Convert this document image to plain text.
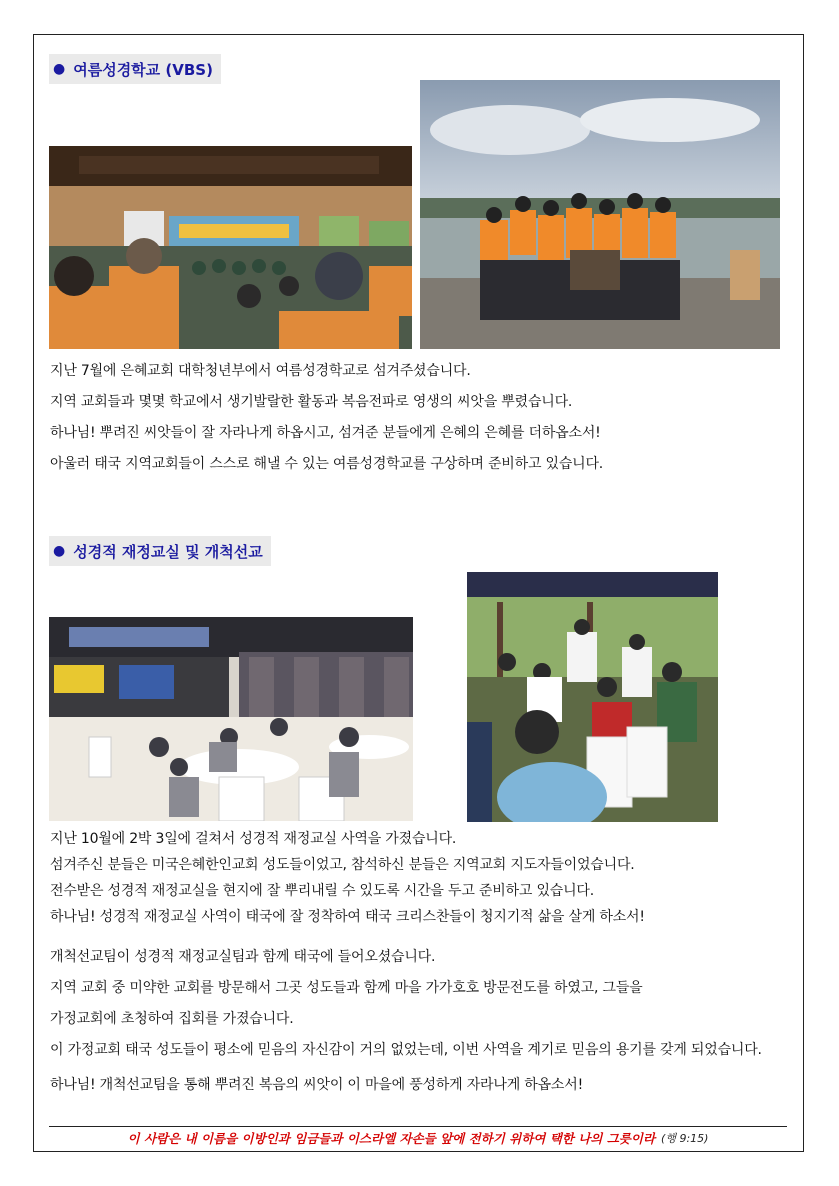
● 여름성경학교 (VBS)

지난 7월에 은혜교회 대학청년부에서 여름성경학교로 섬겨주셨습니다.

지역 교회들과 몇몇 학교에서 생기발랄한 활동과 복음전파로 영생의 씨앗을 뿌렸습니다.

하나님! 뿌려진 씨앗들이 잘 자라나게 하옵시고, 섬겨준 분들에게 은혜의 은혜를 더하옵소서!

아울러 태국 지역교회들이 스스로 해낼 수 있는 여름성경학교를 구상하며 준비하고 있습니다.

● 성경적 재정교실 및 개척선교

지난 10월에 2박 3일에 걸쳐서 성경적 재정교실 사역을 가졌습니다.

섬겨주신 분들은 미국은혜한인교회 성도들이었고, 참석하신 분들은 지역교회 지도자들이었습니다.

전수받은 성경적 재정교실을 현지에 잘 뿌리내릴 수 있도록 시간을 두고 준비하고 있습니다.

하나님! 성경적 재정교실 사역이 태국에 잘 정착하여 태국 크리스찬들이 청지기적 삶을 살게 하소서!

개척선교팀이 성경적 재정교실팀과 함께 태국에 들어오셨습니다.

지역 교회 중 미약한 교회를 방문해서 그곳 성도들과 함께 마을 가가호호 방문전도를 하였고, 그들을

가정교회에 초청하여 집회를 가졌습니다.

이 가정교회 태국 성도들이 평소에 믿음의 자신감이 거의 없었는데, 이번 사역을 계기로 믿음의 용기를 갖게 되었습니다.

하나님! 개척선교팀을 통해 뿌려진 복음의 씨앗이 이 마을에 풍성하게 자라나게 하옵소서!

이 사람은 내 이름을 이방인과 임금들과 이스라엘 자손들 앞에 전하기 위하여 택한 나의 그릇이라 (행 9:15)
